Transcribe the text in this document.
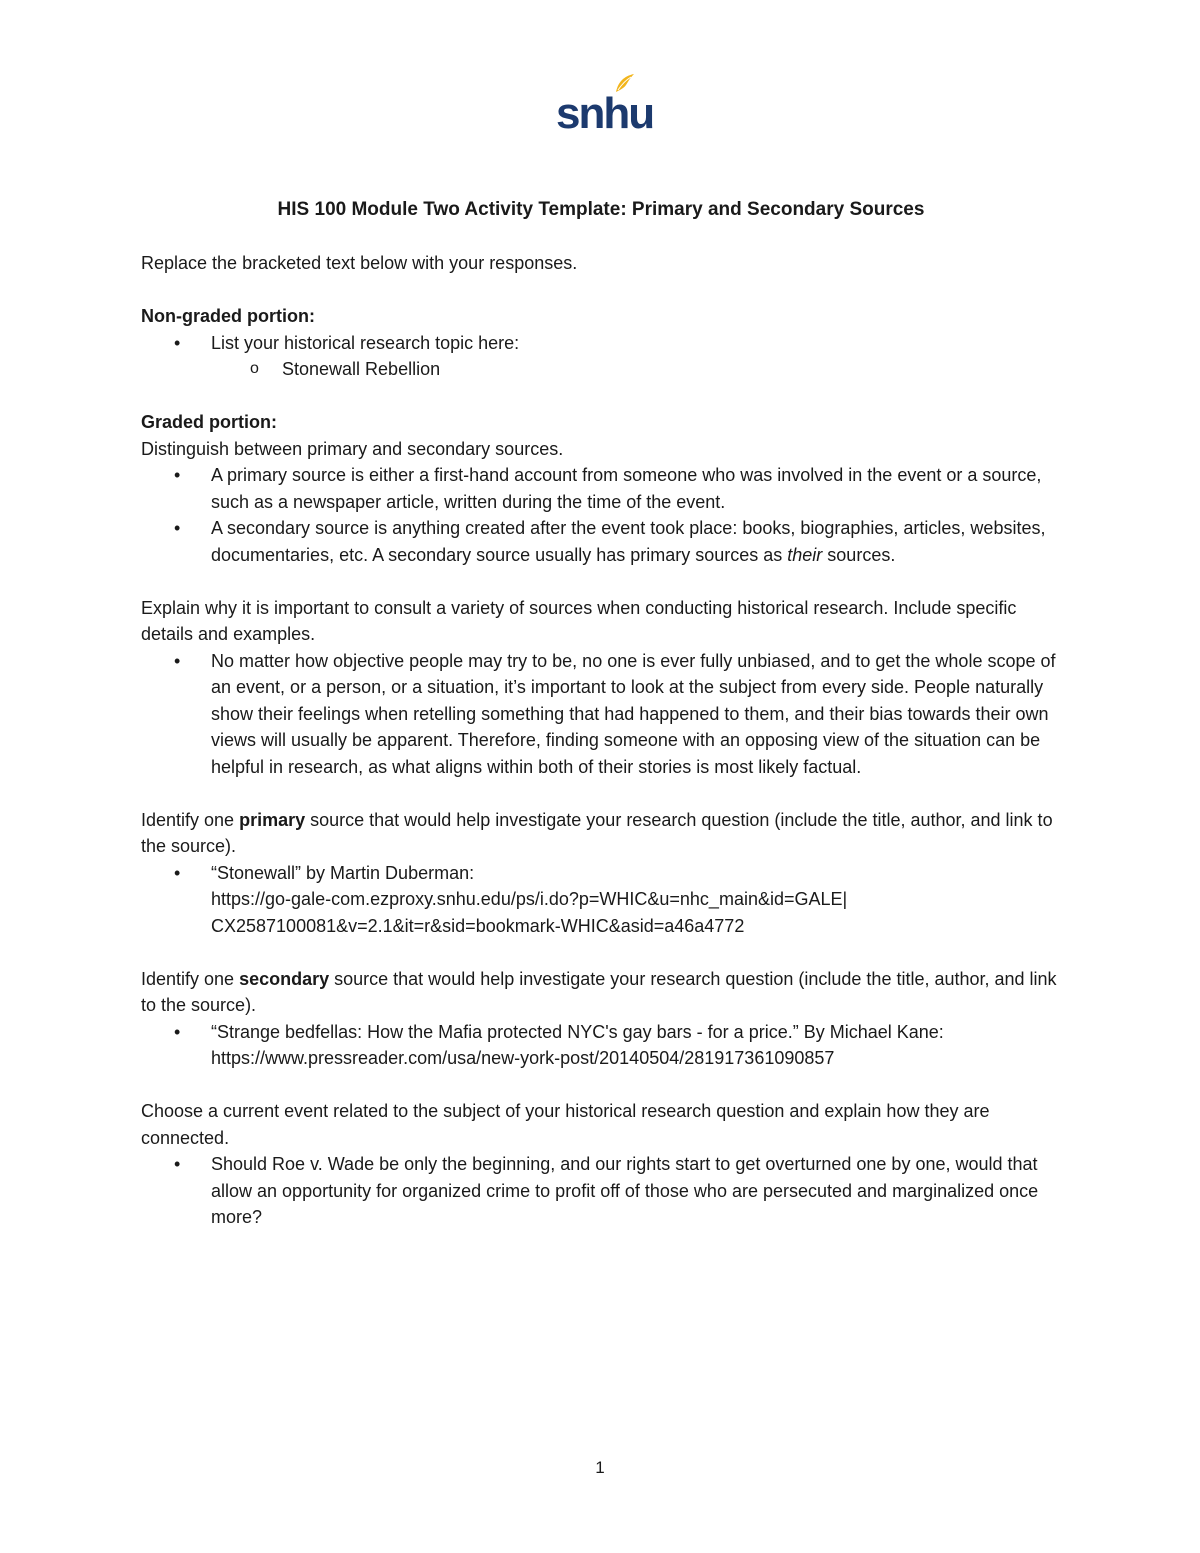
snhu
HIS 100 Module Two Activity Template: Primary and Secondary Sources

Replace the bracketed text below with your responses.

Non-graded portion:

• List your historical research topic here:
o Stonewall Rebellion

Graded portion:

Distinguish between primary and secondary sources.

• A primary source is either a first-hand account from someone who was involved in the event or a source, such as a newspaper article, written during the time of the event.
• A secondary source is anything created after the event took place: books, biographies, articles, websites, documentaries, etc. A secondary source usually has primary sources as their sources.

Explain why it is important to consult a variety of sources when conducting historical research. Include specific details and examples.

• No matter how objective people may try to be, no one is ever fully unbiased, and to get the whole scope of an event, or a person, or a situation, it’s important to look at the subject from every side. People naturally show their feelings when retelling something that had happened to them, and their bias towards their own views will usually be apparent. Therefore, finding someone with an opposing view of the situation can be helpful in research, as what aligns within both of their stories is most likely factual.

Identify one primary source that would help investigate your research question (include the title, author, and link to the source).

• “Stonewall” by Martin Duberman:
https://go-gale-com.ezproxy.snhu.edu/ps/i.do?p=WHIC&u=nhc_main&id=GALE|
CX2587100081&v=2.1&it=r&sid=bookmark-WHIC&asid=a46a4772

Identify one secondary source that would help investigate your research question (include the title, author, and link to the source).

• “Strange bedfellas: How the Mafia protected NYC's gay bars - for a price.” By Michael Kane:
https://www.pressreader.com/usa/new-york-post/20140504/281917361090857

Choose a current event related to the subject of your historical research question and explain how they are connected.

• Should Roe v. Wade be only the beginning, and our rights start to get overturned one by one, would that allow an opportunity for organized crime to profit off of those who are persecuted and marginalized once more?
1
